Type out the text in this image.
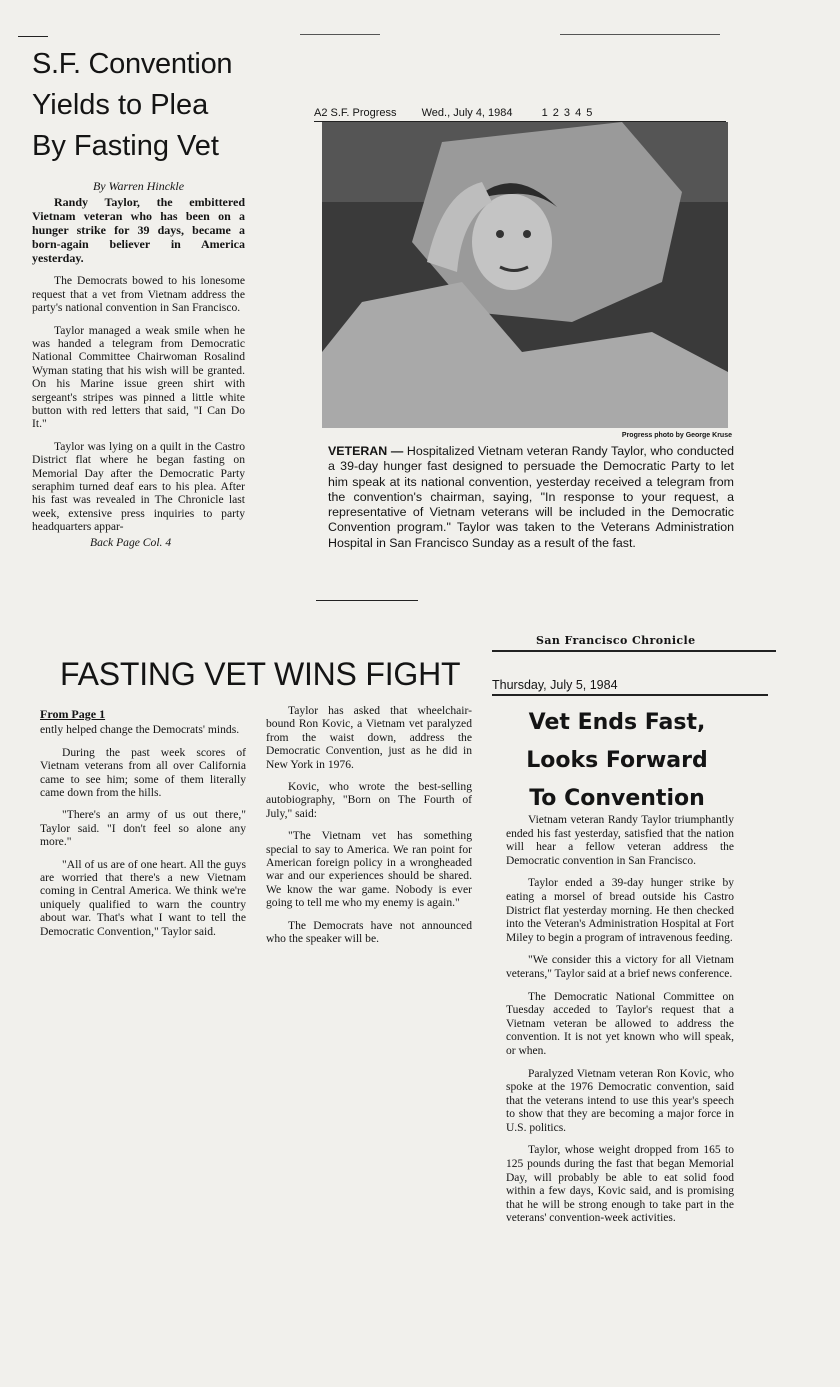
S.F. Convention
Yields to Plea
By Fasting Vet
By Warren Hinckle

Randy Taylor, the embittered Vietnam veteran who has been on a hunger strike for 39 days, became a born-again believer in America yesterday.

The Democrats bowed to his lonesome request that a vet from Vietnam address the party's national convention in San Francisco.

Taylor managed a weak smile when he was handed a telegram from Democratic National Committee Chairwoman Rosalind Wyman stating that his wish will be granted. On his Marine issue green shirt with sergeant's stripes was pinned a little white button with red letters that said, "I Can Do It."

Taylor was lying on a quilt in the Castro District flat where he began fasting on Memorial Day after the Democratic Party seraphim turned deaf ears to his plea. After his fast was revealed in The Chronicle last week, extensive press inquiries to party headquarters appar-

Back Page Col. 4
A2 S.F. Progress Wed., July 4, 1984	1 2 3 4 5
Progress photo by George Kruse
VETERAN — Hospitalized Vietnam veteran Randy Taylor, who conducted a 39-day hunger fast designed to persuade the Democratic Party to let him speak at its national convention, yesterday received a telegram from the convention's chairman, saying, "In response to your request, a representative of Vietnam veterans will be included in the Democratic Convention program." Taylor was taken to the Veterans Administration Hospital in San Francisco Sunday as a result of the fast.
San Francisco Chronicle
FASTING VET WINS FIGHT	Thursday, July 5, 1984
From Page 1

ently helped change the Democrats' minds.

During the past week scores of Vietnam veterans from all over California came to see him; some of them literally came down from the hills.

"There's an army of us out there," Taylor said. "I don't feel so alone any more."

"All of us are of one heart. All the guys are worried that there's a new Vietnam coming in Central America. We think we're uniquely qualified to warn the country about war. That's what I want to tell the Democratic Convention," Taylor said.

Taylor has asked that wheelchair-bound Ron Kovic, a Vietnam vet paralyzed from the waist down, address the Democratic Convention, just as he did in New York in 1976.

Kovic, who wrote the best-selling autobiography, "Born on The Fourth of July," said:

"The Vietnam vet has something special to say to America. We ran point for American foreign policy in a wrongheaded war and our experiences should be shared. We know the war game. Nobody is ever going to tell me who my enemy is again."

The Democrats have not announced who the speaker will be.

Vet Ends Fast,
Looks Forward
To Convention

Vietnam veteran Randy Taylor triumphantly ended his fast yesterday, satisfied that the nation will hear a fellow veteran address the Democratic convention in San Francisco.

Taylor ended a 39-day hunger strike by eating a morsel of bread outside his Castro District flat yesterday morning. He then checked into the Veteran's Administration Hospital at Fort Miley to begin a program of intravenous feeding.

"We consider this a victory for all Vietnam veterans," Taylor said at a brief news conference.

The Democratic National Committee on Tuesday acceded to Taylor's request that a Vietnam veteran be allowed to address the convention. It is not yet known who will speak, or when.

Paralyzed Vietnam veteran Ron Kovic, who spoke at the 1976 Democratic convention, said that the veterans intend to use this year's speech to show that they are becoming a major force in U.S. politics.

Taylor, whose weight dropped from 165 to 125 pounds during the fast that began Memorial Day, will probably be able to eat solid food within a few days, Kovic said, and is promising that he will be strong enough to take part in the veterans' convention-week activities.
